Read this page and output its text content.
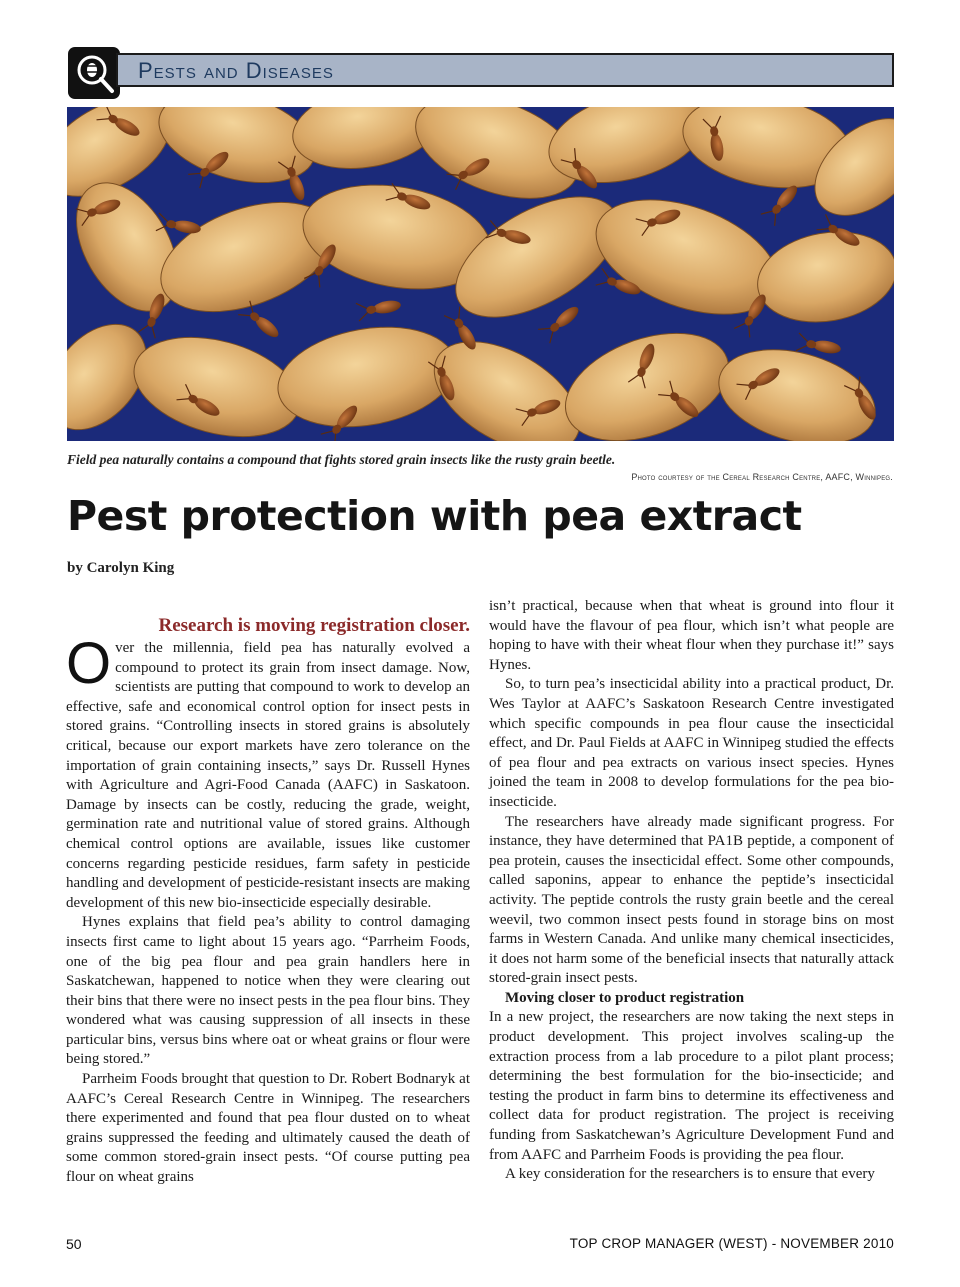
Pests and Diseases
Field pea naturally contains a compound that fights stored grain insects like the rusty grain beetle.
Photo courtesy of the Cereal Research Centre, AAFC, Winnipeg.
Pest protection with pea extract
by Carolyn King

Research is moving registration closer.

Over the millennia, field pea has naturally evolved a compound to protect its grain from insect damage. Now, scientists are putting that compound to work to develop an effective, safe and economical control option for insect pests in stored grains. “Controlling insects in stored grains is absolutely critical, because our export markets have zero tolerance on the importation of grain containing insects,” says Dr. Russell Hynes with Agriculture and Agri-Food Canada (AAFC) in Saskatoon. Damage by insects can be costly, reducing the grade, weight, germination rate and nutritional value of stored grains. Although chemical control options are available, issues like customer concerns regarding pesticide residues, farm safety in pesticide handling and development of pesticide-resistant insects are making development of this new bio-insecticide especially desirable.

Hynes explains that field pea’s ability to control damaging insects first came to light about 15 years ago. “Parrheim Foods, one of the big pea flour and pea grain handlers here in Saskatchewan, happened to notice when they were clearing out their bins that there were no insect pests in the pea flour bins. They wondered what was causing suppression of all insects in these particular bins, versus bins where oat or wheat grains or flour were being stored.”

Parrheim Foods brought that question to Dr. Robert Bodnaryk at AAFC’s Cereal Research Centre in Winnipeg. The researchers there experimented and found that pea flour dusted on to wheat grains suppressed the feeding and ultimately caused the death of some common stored-grain insect pests. “Of course putting pea flour on wheat grains

isn’t practical, because when that wheat is ground into flour it would have the flavour of pea flour, which isn’t what people are hoping to have with their wheat flour when they purchase it!” says Hynes.

So, to turn pea’s insecticidal ability into a practical product, Dr. Wes Taylor at AAFC’s Saskatoon Research Centre investigated which specific compounds in pea flour cause the insecticidal effect, and Dr. Paul Fields at AAFC in Winnipeg studied the effects of pea flour and pea extracts on various insect species. Hynes joined the team in 2008 to develop formulations for the pea bio-insecticide.

The researchers have already made significant progress. For instance, they have determined that PA1B peptide, a component of pea protein, causes the insecticidal effect. Some other compounds, called saponins, appear to enhance the peptide’s insecticidal activity. The peptide controls the rusty grain beetle and the cereal weevil, two common insect pests found in storage bins on most farms in Western Canada. And unlike many chemical insecticides, it does not harm some of the beneficial insects that naturally attack stored-grain insect pests.

Moving closer to product registration

In a new project, the researchers are now taking the next steps in product development. This project involves scaling-up the extraction process from a lab procedure to a pilot plant process; determining the best formulation for the bio-insecticide; and testing the product in farm bins to determine its effectiveness and collect data for product registration. The project is receiving funding from Saskatchewan’s Agriculture Development Fund and from AAFC and Parrheim Foods is providing the pea flour.

A key consideration for the researchers is to ensure that every

50	TOP CROP MANAGER (WEST) - NOVEMBER 2010
